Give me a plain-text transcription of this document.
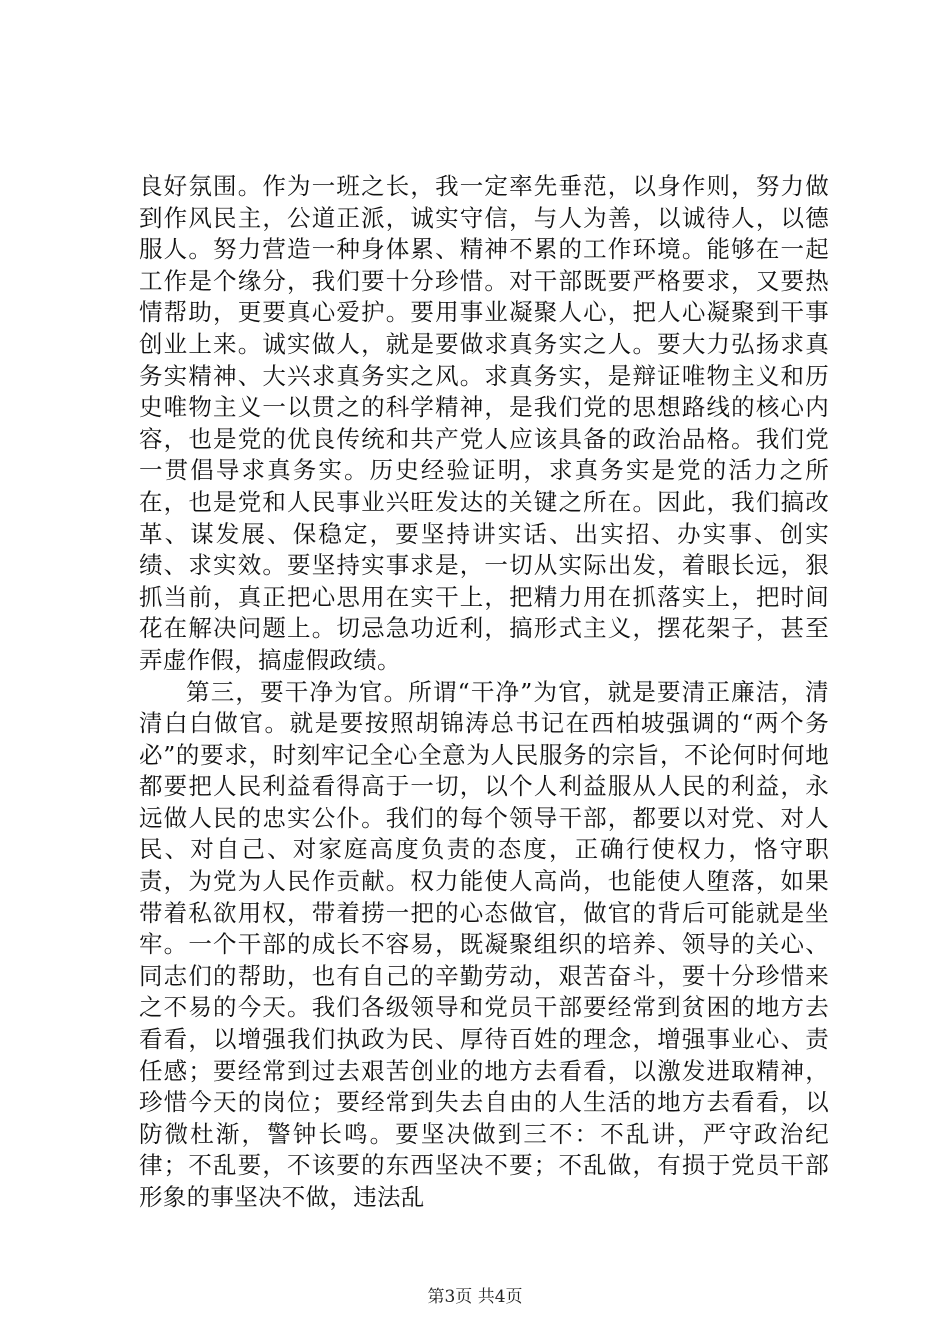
良好氛围。作为一班之长，我一定率先垂范，以身作则，努力做到作风民主，公道正派，诚实守信，与人为善，以诚待人，以德服人。努力营造一种身体累、精神不累的工作环境。能够在一起工作是个缘分，我们要十分珍惜。对干部既要严格要求，又要热情帮助，更要真心爱护。要用事业凝聚人心，把人心凝聚到干事创业上来。诚实做人，就是要做求真务实之人。要大力弘扬求真务实精神、大兴求真务实之风。求真务实，是辩证唯物主义和历史唯物主义一以贯之的科学精神，是我们党的思想路线的核心内容，也是党的优良传统和共产党人应该具备的政治品格。我们党一贯倡导求真务实。历史经验证明，求真务实是党的活力之所在，也是党和人民事业兴旺发达的关键之所在。因此，我们搞改革、谋发展、保稳定，要坚持讲实话、出实招、办实事、创实绩、求实效。要坚持实事求是，一切从实际出发，着眼长远，狠抓当前，真正把心思用在实干上，把精力用在抓落实上，把时间花在解决问题上。切忌急功近利，搞形式主义，摆花架子，甚至弄虚作假，搞虚假政绩。

第三，要干净为官。所谓“干净”为官，就是要清正廉洁，清清白白做官。就是要按照胡锦涛总书记在西柏坡强调的“两个务必”的要求，时刻牢记全心全意为人民服务的宗旨，不论何时何地都要把人民利益看得高于一切，以个人利益服从人民的利益，永远做人民的忠实公仆。我们的每个领导干部，都要以对党、对人民、对自己、对家庭高度负责的态度，正确行使权力，恪守职责，为党为人民作贡献。权力能使人高尚，也能使人堕落，如果带着私欲用权，带着捞一把的心态做官，做官的背后可能就是坐牢。一个干部的成长不容易，既凝聚组织的培养、领导的关心、同志们的帮助，也有自己的辛勤劳动，艰苦奋斗，要十分珍惜来之不易的今天。我们各级领导和党员干部要经常到贫困的地方去看看，以增强我们执政为民、厚待百姓的理念，增强事业心、责任感；要经常到过去艰苦创业的地方去看看，以激发进取精神，珍惜今天的岗位；要经常到失去自由的人生活的地方去看看，以防微杜渐，警钟长鸣。要坚决做到三不：不乱讲，严守政治纪律；不乱要，不该要的东西坚决不要；不乱做，有损于党员干部形象的事坚决不做，违法乱

第3页 共4页
